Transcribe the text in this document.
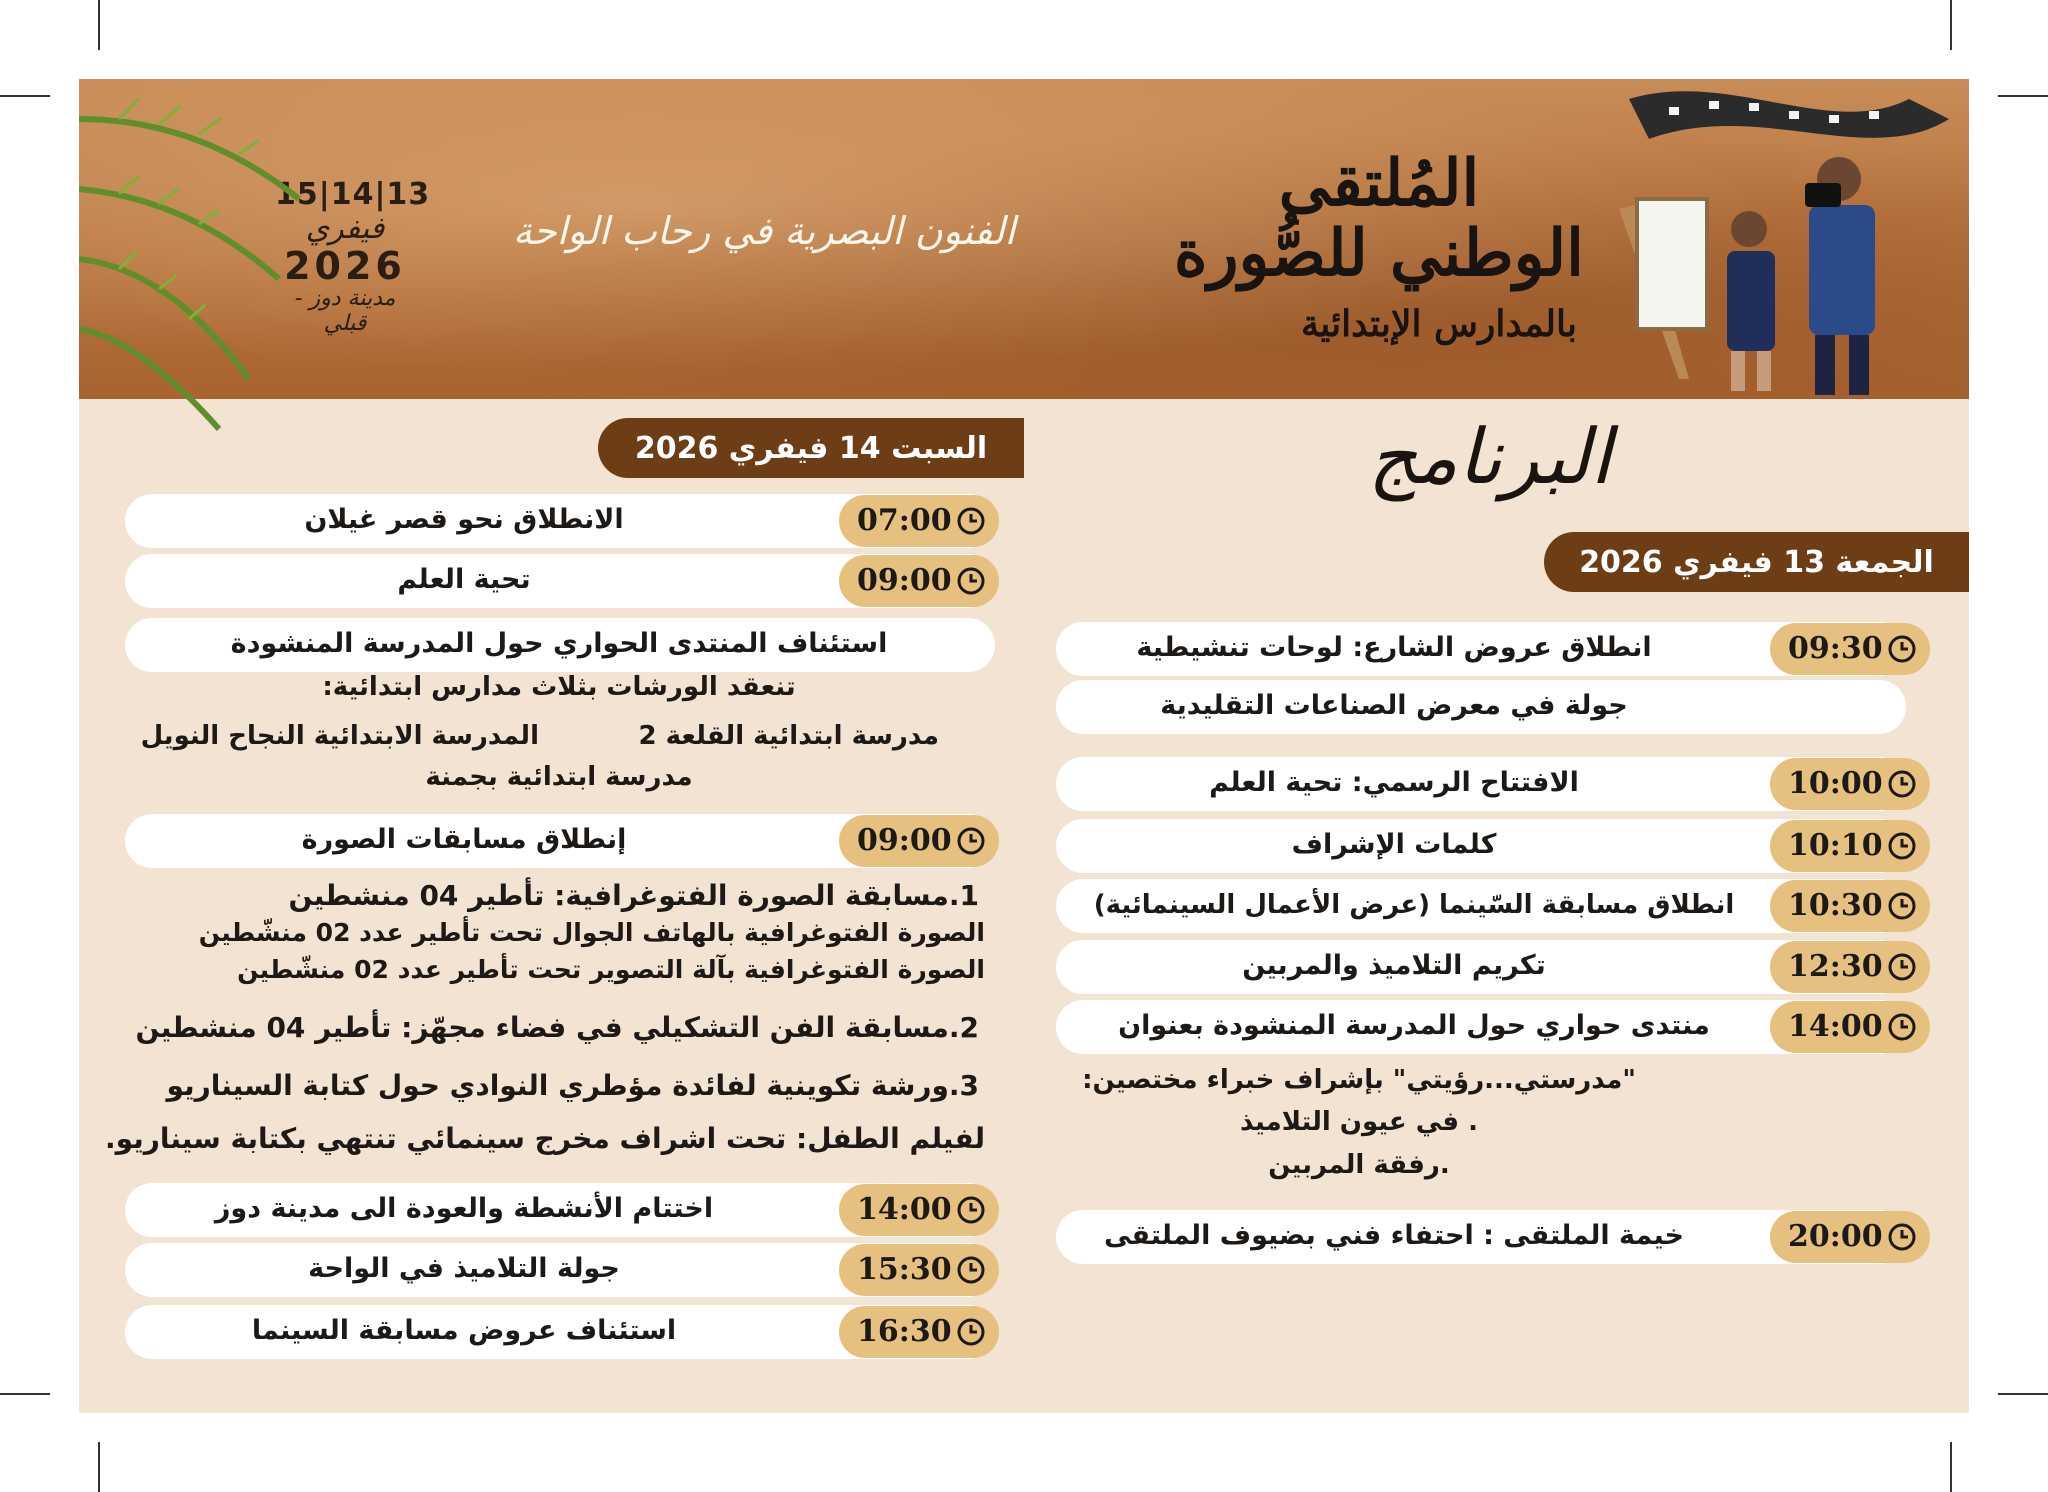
15|14|13
فيفري
2026
مدينة دوز - قبلي
الفنون البصرية في رحاب الواحة
المُلتقى
الوطني للصُّورة
بالمدارس الإبتدائية
البرنامج
السبت 14 فيفري 2026
الجمعة 13 فيفري 2026
الانطلاق نحو قصر غيلان	07:00
تحية العلم	09:00
استئناف المنتدى الحواري حول المدرسة المنشودة
تنعقد الورشات بثلاث مدارس ابتدائية:
مدرسة ابتدائية القلعة 2
المدرسة الابتدائية النجاح النويل
مدرسة ابتدائية بجمنة
إنطلاق مسابقات الصورة	09:00
1.مسابقة الصورة الفتوغرافية: تأطير 04 منشطين
الصورة الفتوغرافية بالهاتف الجوال تحت تأطير عدد 02 منشّطين
الصورة الفتوغرافية بآلة التصوير تحت تأطير عدد 02 منشّطين
2.مسابقة الفن التشكيلي في فضاء مجهّز: تأطير 04 منشطين
3.ورشة تكوينية لفائدة مؤطري النوادي حول كتابة السيناريو
لفيلم الطفل: تحت اشراف مخرج سينمائي تنتهي بكتابة سيناريو.
اختتام الأنشطة والعودة الى مدينة دوز	14:00
جولة التلاميذ في الواحة	15:30
استئناف عروض مسابقة السينما	16:30
انطلاق عروض الشارع: لوحات تنشيطية	09:30
جولة في معرض الصناعات التقليدية
الافتتاح الرسمي: تحية العلم	10:00
كلمات الإشراف	10:10
انطلاق مسابقة السّينما (عرض الأعمال السينمائية)	10:30
تكريم التلاميذ والمربين	12:30
منتدى حواري حول المدرسة المنشودة بعنوان	14:00
"مدرستي...رؤيتي" بإشراف خبراء مختصين:
. في عيون التلاميذ
.رفقة المربين
خيمة الملتقى : احتفاء فني بضيوف الملتقى	20:00
